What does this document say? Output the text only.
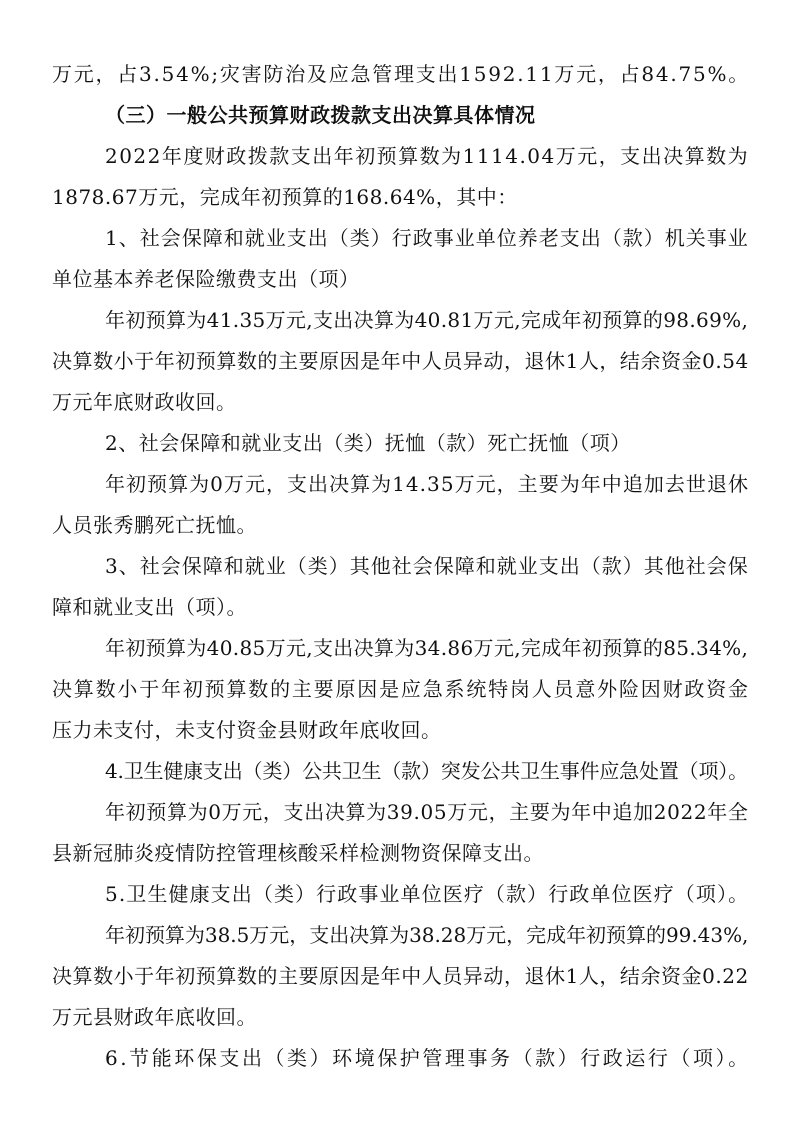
万元，占3.54%;灾害防治及应急管理支出1592.11万元，占84.75%。
（三）一般公共预算财政拨款支出决算具体情况
2022年度财政拨款支出年初预算数为1114.04万元，支出决算数为
1878.67万元，完成年初预算的168.64%，其中：
1、社会保障和就业支出（类）行政事业单位养老支出（款）机关事业
单位基本养老保险缴费支出（项）
年初预算为41.35万元,支出决算为40.81万元,完成年初预算的98.69%,
决算数小于年初预算数的主要原因是年中人员异动，退休1人，结余资金0.54
万元年底财政收回。
2、社会保障和就业支出（类）抚恤（款）死亡抚恤（项）
年初预算为0万元，支出决算为14.35万元，主要为年中追加去世退休
人员张秀鹏死亡抚恤。
3、社会保障和就业（类）其他社会保障和就业支出（款）其他社会保
障和就业支出（项）。
年初预算为40.85万元,支出决算为34.86万元,完成年初预算的85.34%,
决算数小于年初预算数的主要原因是应急系统特岗人员意外险因财政资金
压力未支付，未支付资金县财政年底收回。
4.卫生健康支出（类）公共卫生（款）突发公共卫生事件应急处置（项）。
年初预算为0万元，支出决算为39.05万元，主要为年中追加2022年全
县新冠肺炎疫情防控管理核酸采样检测物资保障支出。
5.卫生健康支出（类）行政事业单位医疗（款）行政单位医疗（项）。
年初预算为38.5万元，支出决算为38.28万元，完成年初预算的99.43%,
决算数小于年初预算数的主要原因是年中人员异动，退休1人，结余资金0.22
万元县财政年底收回。
6.节能环保支出（类）环境保护管理事务（款）行政运行（项）。
